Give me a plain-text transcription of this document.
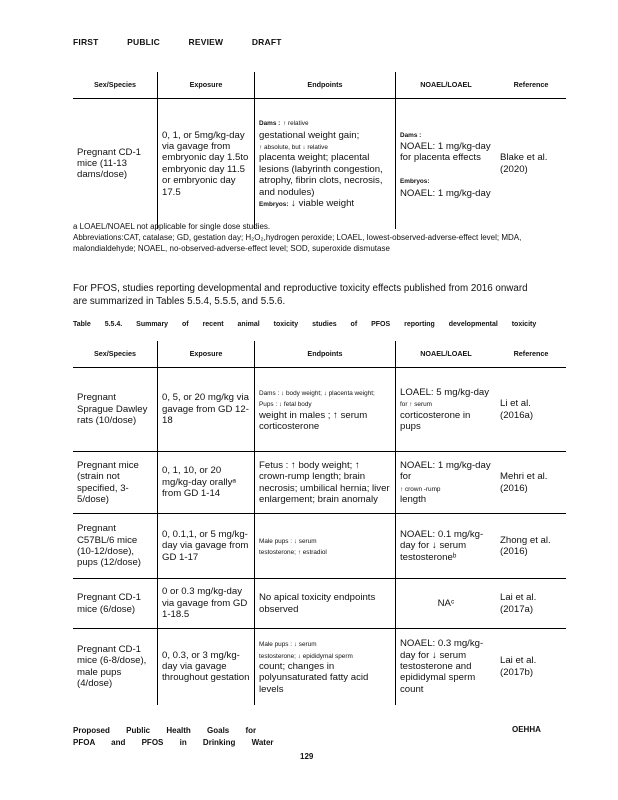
FIRST	PUBLIC	REVIEW	DRAFT
Sex/Species	Exposure	Endpoints	NOAEL/LOAEL	Reference
Pregnant CD-1 mice (11-13 dams/dose)	0, 1, or 5mg/kg-day via gavage from embryonic day 1.5to embryonic day 11.5 or embryonic day 17.5	Dams : ↑ relative
gestational weight gain;
↑ absolute, but ↓ relative
placenta weight; placental lesions (labyrinth congestion, atrophy, fibrin clots, necrosis, and nodules)
Embryos: ↓ viable weight	Dams :
NOAEL: 1 mg/kg-day for placenta effects

Embryos:
NOAEL: 1 mg/kg-day	Blake et al. (2020)
a LOAEL/NOAEL not applicable for single dose studies.
Abbreviations:CAT, catalase; GD, gestation day; H₂O₂,hydrogen peroxide; LOAEL, lowest-observed-adverse-effect level; MDA, malondialdehyde; NOAEL, no-observed-adverse-effect level; SOD, superoxide dismutase
For PFOS, studies reporting developmental and reproductive toxicity effects published from 2016 onward are summarized in Tables 5.5.4, 5.5.5, and 5.5.6.
Table 5.5.4. Summary of recent animal toxicity studies of PFOS reporting developmental toxicity
Sex/Species	Exposure	Endpoints	NOAEL/LOAEL	Reference
Pregnant Sprague Dawley rats (10/dose)	0, 5, or 20 mg/kg via gavage from GD 12-18	Dams : ↓ body weight; ↓ placenta weight;
Pups : ↓ fetal body
weight in males ; ↑ serum corticosterone	LOAEL: 5 mg/kg-day
for ↑ serum
corticosterone in pups	Li et al. (2016a)
Pregnant mice (strain not specified, 3-5/dose)	0, 1, 10, or 20 mg/kg-day orallyᵃ from GD 1-14	Fetus : ↑ body weight; ↑ crown-rump length; brain necrosis; umbilical hernia; liver enlargement; brain anomaly	NOAEL: 1 mg/kg-day for
↑ crown -rump
length	Mehri et al. (2016)
Pregnant C57BL/6 mice (10-12/dose), pups (12/dose)	0, 0.1,1, or 5 mg/kg-day via gavage from GD 1-17	Male pups : ↓ serum
testosterone; ↑ estradiol	NOAEL: 0.1 mg/kg-day for ↓ serum testosteroneᵇ	Zhong et al. (2016)
Pregnant CD-1 mice (6/dose)	0 or 0.3 mg/kg-day via gavage from GD 1-18.5	No apical toxicity endpoints observed	NAᶜ	Lai et al. (2017a)
Pregnant CD-1 mice (6-8/dose), male pups (4/dose)	0, 0.3, or 3 mg/kg-day via gavage throughout gestation	Male pups : ↓ serum
testosterone; ↓ epididymal sperm
count; changes in polyunsaturated fatty acid levels	NOAEL: 0.3 mg/kg-day for ↓ serum testosterone and epididymal sperm count	Lai et al. (2017b)
Proposed Public Health Goals for
PFOA and PFOS in Drinking Water
OEHHA
129
